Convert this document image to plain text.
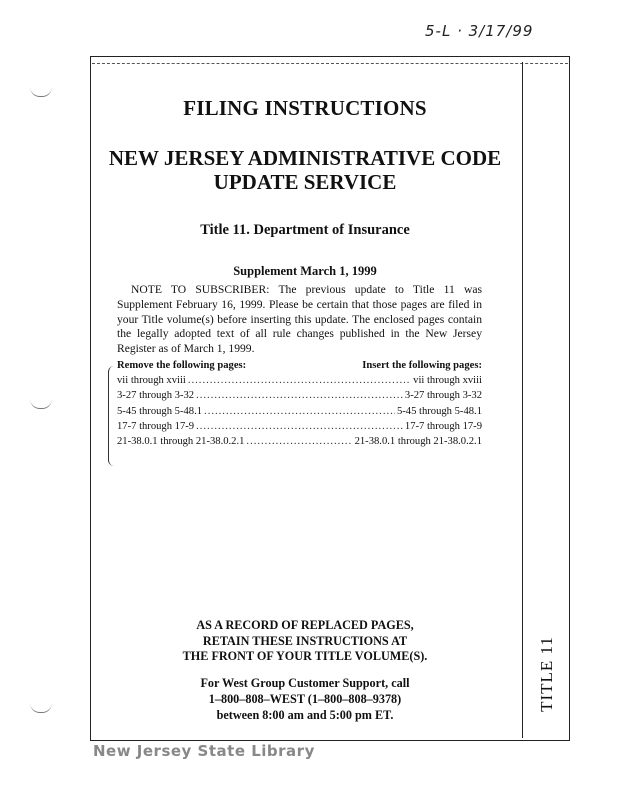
5-L · 3/17/99
FILING INSTRUCTIONS
NEW JERSEY ADMINISTRATIVE CODE
UPDATE SERVICE
Title 11. Department of Insurance
Supplement March 1, 1999
NOTE TO SUBSCRIBER: The previous update to Title 11 was Supplement February 16, 1999. Please be certain that those pages are filed in your Title volume(s) before inserting this update. The enclosed pages contain the legally adopted text of all rule changes published in the New Jersey Register as of March 1, 1999.
Remove the following pages:	Insert the following pages:
vii through xviii .....	vii through xviii
3-27 through 3-32 .....	3-27 through 3-32
5-45 through 5-48.1 .....	5-45 through 5-48.1
17-7 through 17-9 .....	17-7 through 17-9
21-38.0.1 through 21-38.0.2.1 .....	21-38.0.1 through 21-38.0.2.1
AS A RECORD OF REPLACED PAGES,
RETAIN THESE INSTRUCTIONS AT
THE FRONT OF YOUR TITLE VOLUME(S).
For West Group Customer Support, call
1–800–808–WEST (1–800–808–9378)
between 8:00 am and 5:00 pm ET.
TITLE 11
New Jersey State Library
